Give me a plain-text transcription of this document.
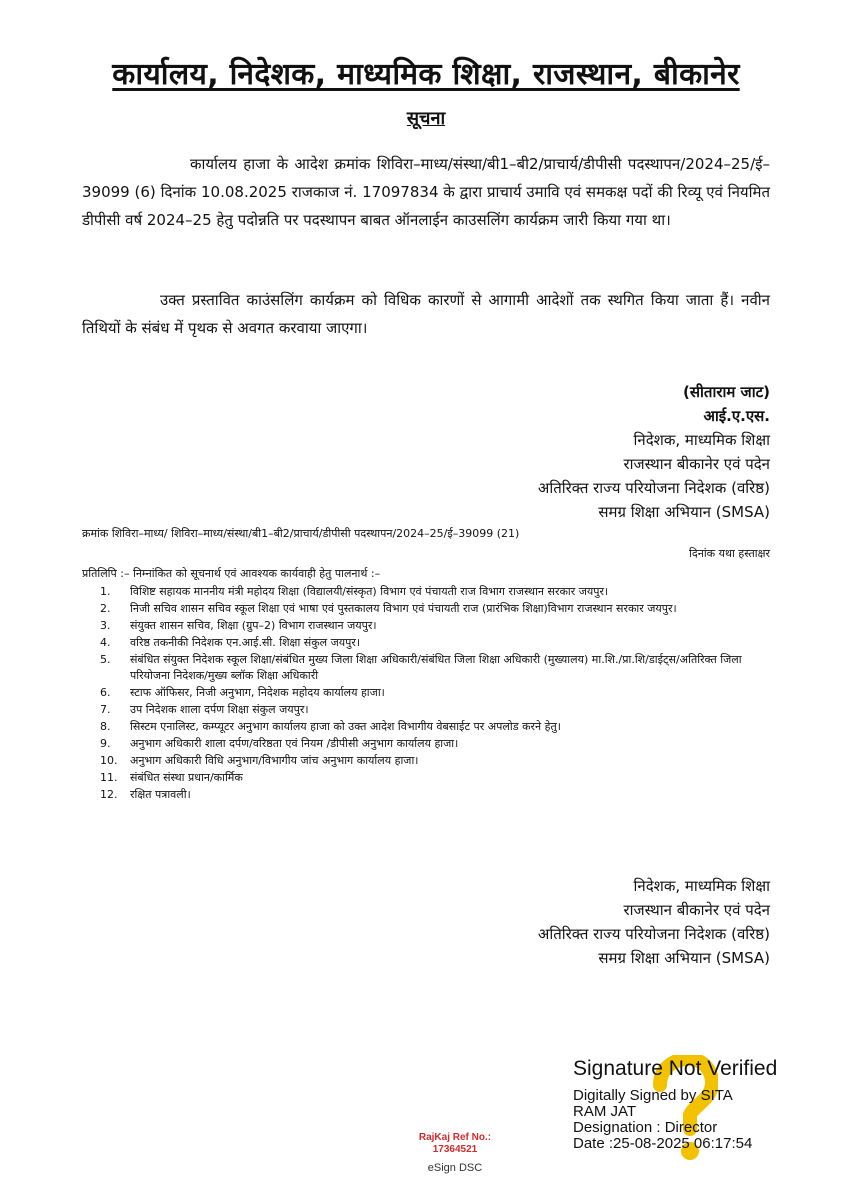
कार्यालय, निदेशक, माध्यमिक शिक्षा, राजस्थान, बीकानेर
सूचना
कार्यालय हाजा के आदेश क्रमांक शिविरा–माध्य/संस्था/बी1–बी2/प्राचार्य/डीपीसी पदस्थापन/2024–25/ई–39099 (6) दिनांक 10.08.2025 राजकाज नं. 17097834 के द्वारा प्राचार्य उमावि एवं समकक्ष पदों की रिव्यू एवं नियमित डीपीसी वर्ष 2024–25 हेतु पदोन्नति पर पदस्थापन बाबत ऑनलाईन काउसलिंग कार्यक्रम जारी किया गया था।
उक्त प्रस्तावित काउंसलिंग कार्यक्रम को विधिक कारणों से आगामी आदेशों तक स्थगित किया जाता हैं। नवीन तिथियों के संबंध में पृथक से अवगत करवाया जाएगा।
(सीताराम जाट)
आई.ए.एस.
निदेशक, माध्यमिक शिक्षा
राजस्थान बीकानेर एवं पदेन
अतिरिक्त राज्य परियोजना निदेशक (वरिष्ठ)
समग्र शिक्षा अभियान (SMSA)
क्रमांक शिविरा–माध्य/ शिविरा–माध्य/संस्था/बी1–बी2/प्राचार्य/डीपीसी पदस्थापन/2024–25/ई–39099 (21)
दिनांक यथा हस्ताक्षर
प्रतिलिपि :– निम्नांकित को सूचनार्थ एवं आवश्यक कार्यवाही हेतु पालनार्थ :–
1.	विशिष्ट सहायक माननीय मंत्री महोदय शिक्षा (विद्यालयी/संस्कृत) विभाग एवं पंचायती राज विभाग राजस्थान सरकार जयपुर।
2.	निजी सचिव शासन सचिव स्कूल शिक्षा एवं भाषा एवं पुस्तकालय विभाग एवं पंचायती राज (प्रारंभिक शिक्षा)विभाग राजस्थान सरकार जयपुर।
3.	संयुक्त शासन सचिव, शिक्षा (ग्रुप–2) विभाग राजस्थान जयपुर।
4.	वरिष्ठ तकनीकी निदेशक एन.आई.सी. शिक्षा संकुल जयपुर।
5.	संबंधित संयुक्त निदेशक स्कूल शिक्षा/संबंधित मुख्य जिला शिक्षा अधिकारी/संबंधित जिला शिक्षा अधिकारी (मुख्यालय) मा.शि./प्रा.शि/डाईट्स/अतिरिक्त जिला परियोजना निदेशक/मुख्य ब्लॉक शिक्षा अधिकारी
6.	स्टाफ ऑफिसर, निजी अनुभाग, निदेशक महोदय कार्यालय हाजा।
7.	उप निदेशक शाला दर्पण शिक्षा संकुल जयपुर।
8.	सिस्टम एनालिस्ट, कम्प्यूटर अनुभाग कार्यालय हाजा को उक्त आदेश विभागीय वेबसाईट पर अपलोड करने हेतु।
9.	अनुभाग अधिकारी शाला दर्पण/वरिष्ठता एवं नियम /डीपीसी अनुभाग कार्यालय हाजा।
10.	अनुभाग अधिकारी विधि अनुभाग/विभागीय जांच अनुभाग कार्यालय हाजा।
11.	संबंधित संस्था प्रधान/कार्मिक
12.	रक्षित पत्रावली।
निदेशक, माध्यमिक शिक्षा
राजस्थान बीकानेर एवं पदेन
अतिरिक्त राज्य परियोजना निदेशक (वरिष्ठ)
समग्र शिक्षा अभियान (SMSA)
RajKaj Ref No.:
17364521
eSign DSC
Signature Not Verified
Digitally Signed by SITA
RAM JAT
Designation : Director
Date :25-08-2025 06:17:54
